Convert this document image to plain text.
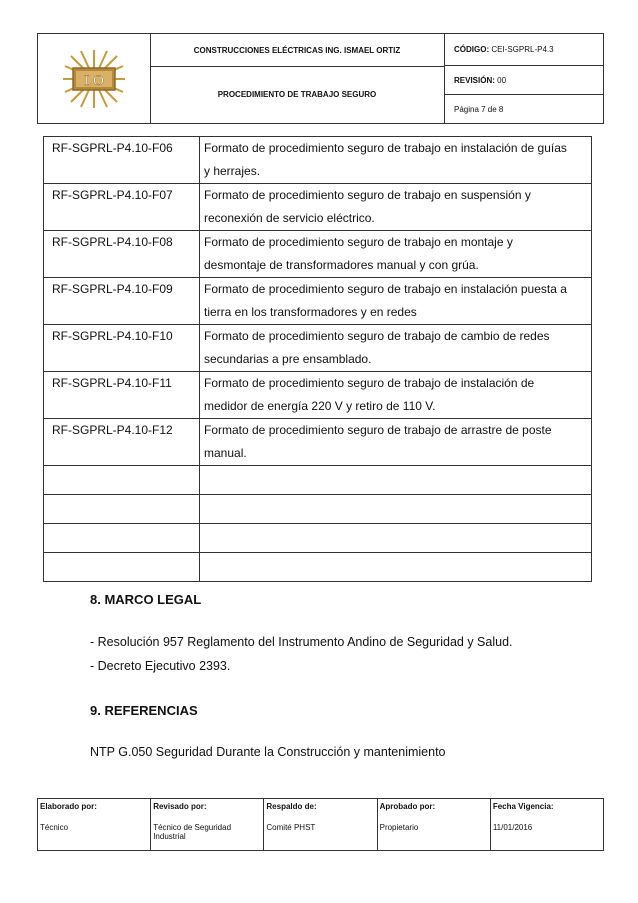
I.O
CONSTRUCCIONES ELÉCTRICAS ING. ISMAEL ORTIZ
PROCEDIMIENTO DE TRABAJO SEGURO
CÓDIGO:
CEI-SGPRL-P4.3
REVISIÓN:
00
Página 7 de 8
RF-SGPRL-P4.10-F06	Formato de procedimiento seguro de trabajo en instalación de guías
y herrajes.
RF-SGPRL-P4.10-F07	Formato de procedimiento seguro de trabajo en suspensión y
reconexión de servicio eléctrico.
RF-SGPRL-P4.10-F08	Formato de procedimiento seguro de trabajo en montaje y
desmontaje de transformadores manual y con grúa.
RF-SGPRL-P4.10-F09	Formato de procedimiento seguro de trabajo en instalación puesta a
tierra en los transformadores y en redes
RF-SGPRL-P4.10-F10	Formato de procedimiento seguro de trabajo de cambio de redes
secundarias a pre ensamblado.
RF-SGPRL-P4.10-F11	Formato de procedimiento seguro de trabajo de instalación de
medidor de energía 220 V y retiro de 110 V.
RF-SGPRL-P4.10-F12	Formato de procedimiento seguro de trabajo de arrastre de poste
manual.

8. MARCO LEGAL
- Resolución 957 Reglamento del Instrumento Andino de Seguridad y Salud.
- Decreto Ejecutivo 2393.
9. REFERENCIAS
NTP G.050 Seguridad Durante la Construcción y mantenimiento
Elaborado por:
Técnico
Revisado por:
Técnico de Seguridad Industrial
Respaldo de:
Comité PHST
Aprobado por:
Propietario
Fecha Vigencia:
11/01/2016
